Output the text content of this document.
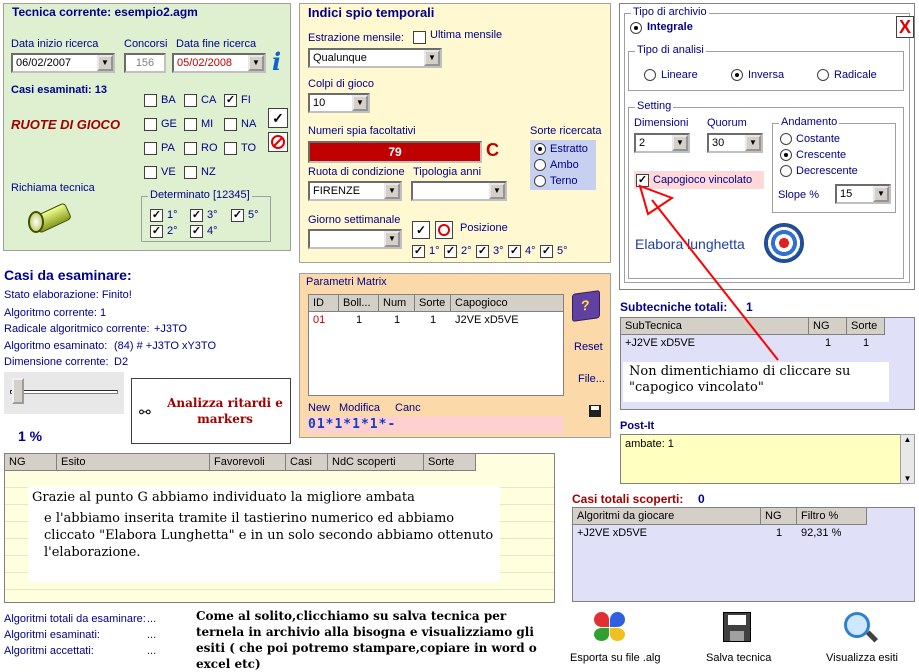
Tecnica corrente: esempio2.agm
Data inizio ricerca
06/02/2007	▼
Concorsi
156
Data fine ricerca
05/02/2008	▼ i
Casi esaminati: 13
RUOTE DI GIOCO
BA CA ✓ FI
GE MI	NA
PA RO TO
VE NZ
✓
Richiama tecnica
Determinato [12345]
✓ 1° ✓ 3° ✓ 5°
✓ 2° ✓ 4°
Indici spio temporali
Estrazione mensile: Ultima mensile
Qualunque	▼
Colpi di gioco
10	▼
Numeri spia facoltativi
79	C
Sorte ricercata
Estratto
Ambo
Terno
Ruota di condizione
FIRENZE	▼
Tipologia anni
▼
Giorno settimanale
▼
✓	Posizione
✓ 1° ✓ 2° ✓ 3° ✓ 4° ✓ 5°
Tipo di archivio
Integrale	X
Tipo di analisi
Lineare	Inversa	Radicale
Setting
Dimensioni
2	▼
Quorum
30	▼
Andamento
Costante
Crescente
Decrescente
✓ Capogioco vincolato
Slope %	15	▼
Elabora lunghetta
Casi da esaminare:
Stato elaborazione: Finito!
Algoritmo corrente: 1
Radicale algoritmico corrente: +J3TO
Algoritmo esaminato: (84) # +J3TO xY3TO
Dimensione corrente: D2
1 %
⚯
Analizza ritardi e markers
Parametri Matrix
ID	Boll...	Num	Sorte Capogioco
01	1	1	1	J2VE xD5VE
?
Reset
File...
New Modifica Canc
01*1*1*1*-
Subtecniche totali: 1
SubTecnica	NG	Sorte
+J2VE xD5VE	1	1
Post-It
ambate: 1	▲
▼
Casi totali scoperti: 0
Algoritmi da giocare	NG	Filtro %
+J2VE xD5VE	1	92,31 %
NG	Esito	Favorevoli	Casi	NdC scoperti	Sorte
Algoritmi totali da esaminare: ...
Algoritmi esaminati:	...
Algoritmi accettati:	...
Esporta su file .alg	Salva tecnica	Visualizza esiti
Non dimentichiamo di cliccare su "capogico vincolato"
Grazie al punto G abbiamo individuato la migliore ambata
e l'abbiamo inserita tramite il tastierino numerico ed abbiamo cliccato "Elabora Lunghetta" e in un solo secondo abbiamo ottenuto l'elaborazione.
Come al solito,clicchiamo su salva tecnica per ternela in archivio alla bisogna e visualizziamo gli esiti ( che poi potremo stampare,copiare in word o excel etc)
